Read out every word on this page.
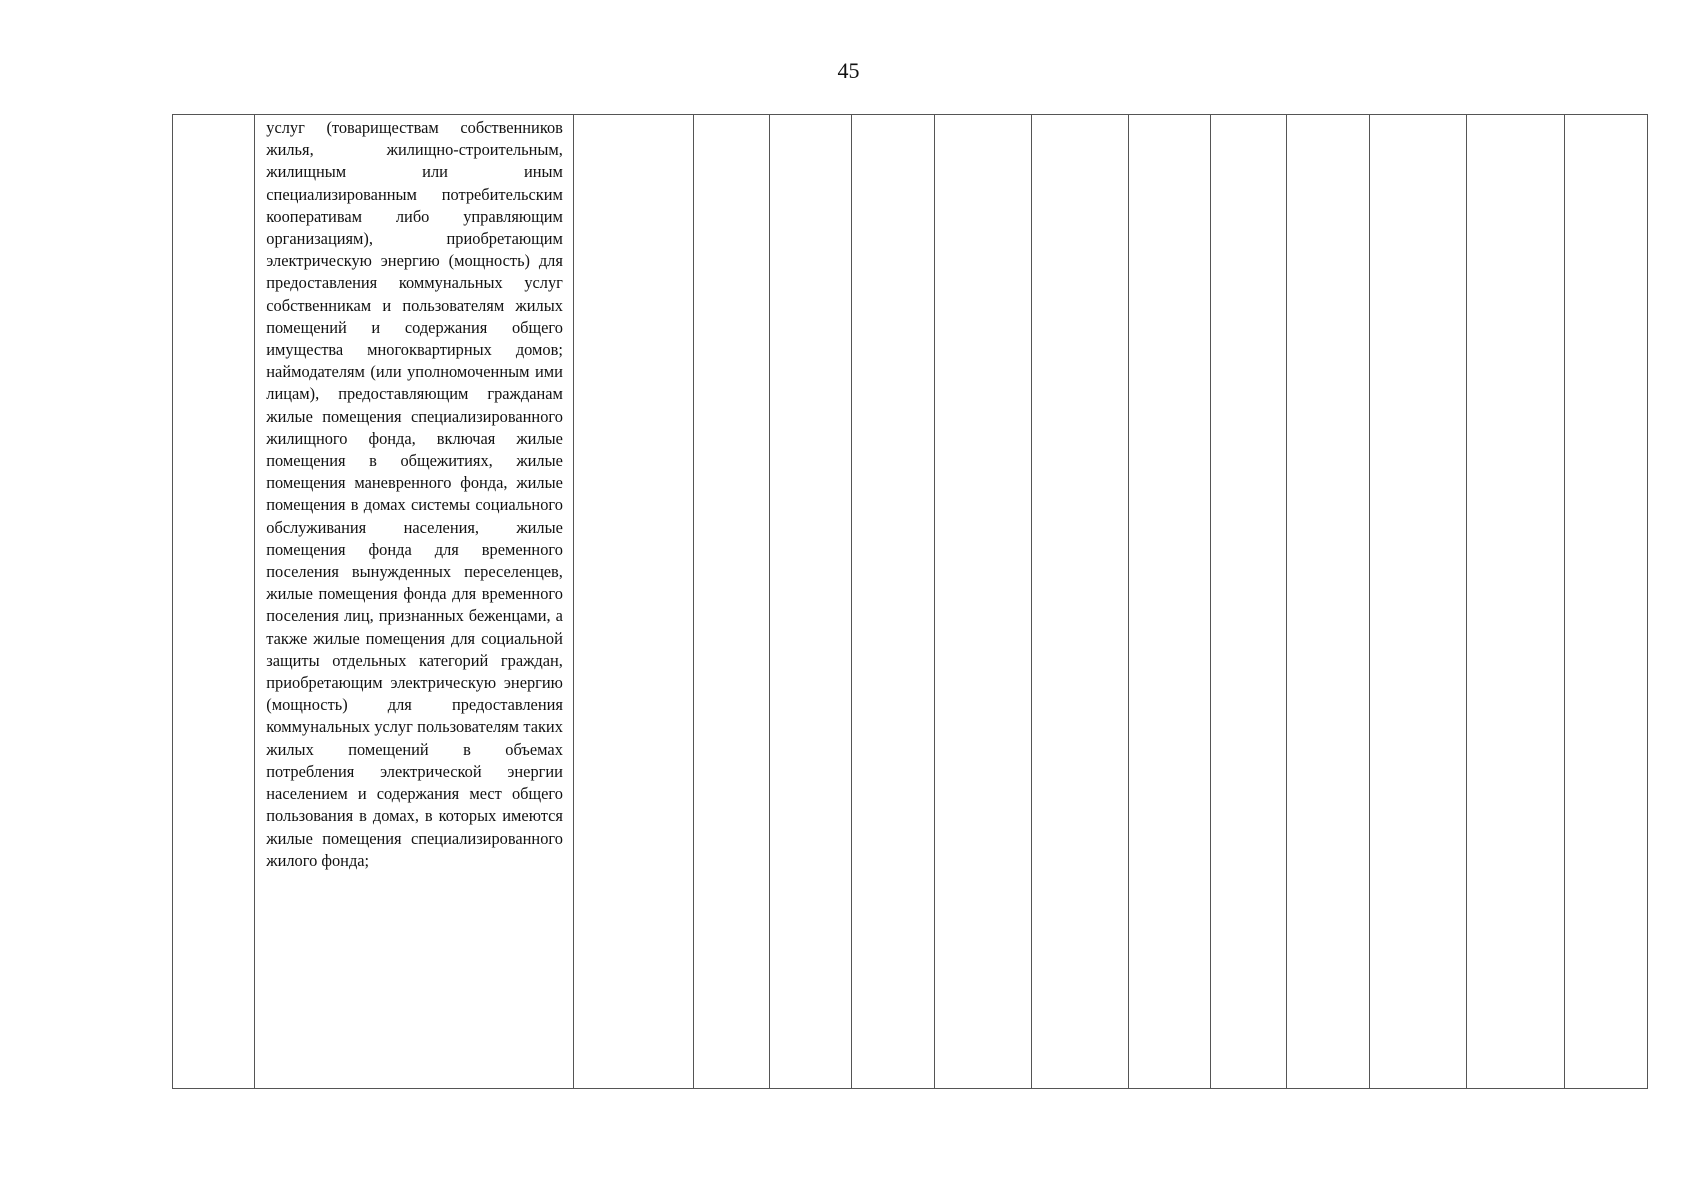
45

услуг (товариществам собственников жилья, жилищно-строительным, жилищным или иным специализированным потребительским кооперативам либо управляющим организациям), приобретающим электрическую энергию (мощность) для предоставления коммунальных услуг собственникам и пользователям жилых помещений и содержания общего имущества многоквартирных домов; наймодателям (или уполномоченным ими лицам), предоставляющим гражданам жилые помещения специализированного жилищного фонда, включая жилые помещения в общежитиях, жилые помещения маневренного фонда, жилые помещения в домах системы социального обслуживания населения, жилые помещения фонда для временного поселения вынужденных переселенцев, жилые помещения фонда для временного поселения лиц, признанных беженцами, а также жилые помещения для социальной защиты отдельных категорий граждан, приобретающим электрическую энергию (мощность) для предоставления коммунальных услуг пользователям таких жилых помещений в объемах потребления электрической энергии населением и содержания мест общего пользования в домах, в которых имеются жилые помещения специализированного жилого фонда;
